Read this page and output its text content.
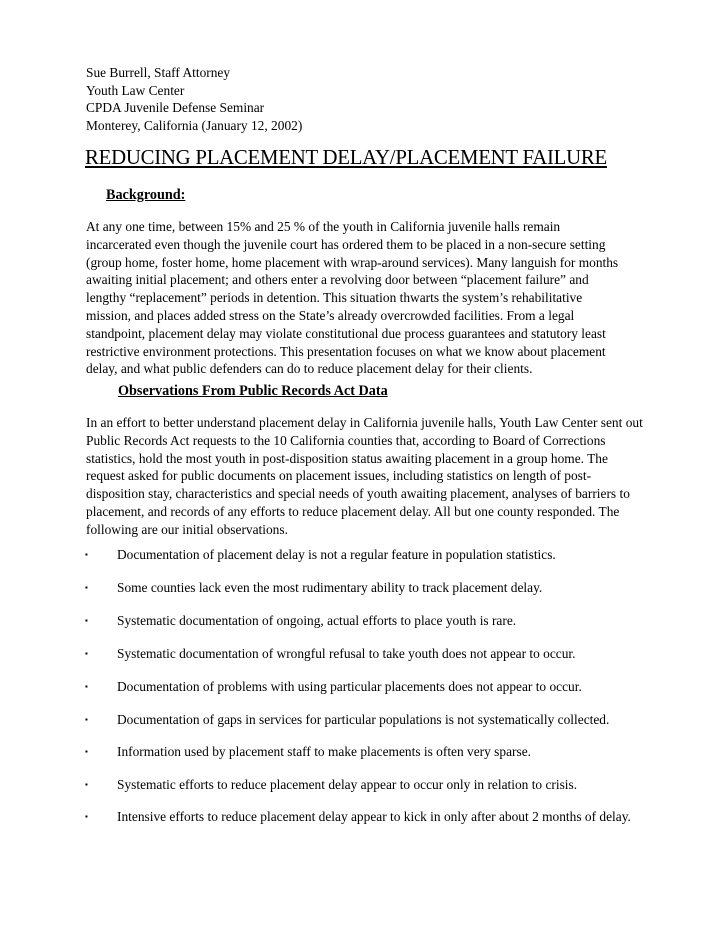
Sue Burrell, Staff Attorney
Youth Law Center
CPDA Juvenile Defense Seminar
Monterey, California (January 12, 2002)
REDUCING PLACEMENT DELAY/PLACEMENT FAILURE
Background:
At any one time, between 15% and 25 % of the youth in California juvenile halls remain
incarcerated even though the juvenile court has ordered them to be placed in a non-secure setting
(group home, foster home, home placement with wrap-around services). Many languish for months
awaiting initial placement; and others enter a revolving door between “placement failure” and
lengthy “replacement” periods in detention. This situation thwarts the system’s rehabilitative
mission, and places added stress on the State’s already overcrowded facilities. From a legal
standpoint, placement delay may violate constitutional due process guarantees and statutory least
restrictive environment protections. This presentation focuses on what we know about placement
delay, and what public defenders can do to reduce placement delay for their clients.
Observations From Public Records Act Data
In an effort to better understand placement delay in California juvenile halls, Youth Law Center sent out
Public Records Act requests to the 10 California counties that, according to Board of Corrections
statistics, hold the most youth in post-disposition status awaiting placement in a group home. The
request asked for public documents on placement issues, including statistics on length of post-
disposition stay, characteristics and special needs of youth awaiting placement, analyses of barriers to
placement, and records of any efforts to reduce placement delay. All but one county responded. The
following are our initial observations.
▪ Documentation of placement delay is not a regular feature in population statistics.
▪ Some counties lack even the most rudimentary ability to track placement delay.
▪ Systematic documentation of ongoing, actual efforts to place youth is rare.
▪ Systematic documentation of wrongful refusal to take youth does not appear to occur.
▪ Documentation of problems with using particular placements does not appear to occur.
▪ Documentation of gaps in services for particular populations is not systematically collected.
▪ Information used by placement staff to make placements is often very sparse.
▪ Systematic efforts to reduce placement delay appear to occur only in relation to crisis.
▪ Intensive efforts to reduce placement delay appear to kick in only after about 2 months of delay.
